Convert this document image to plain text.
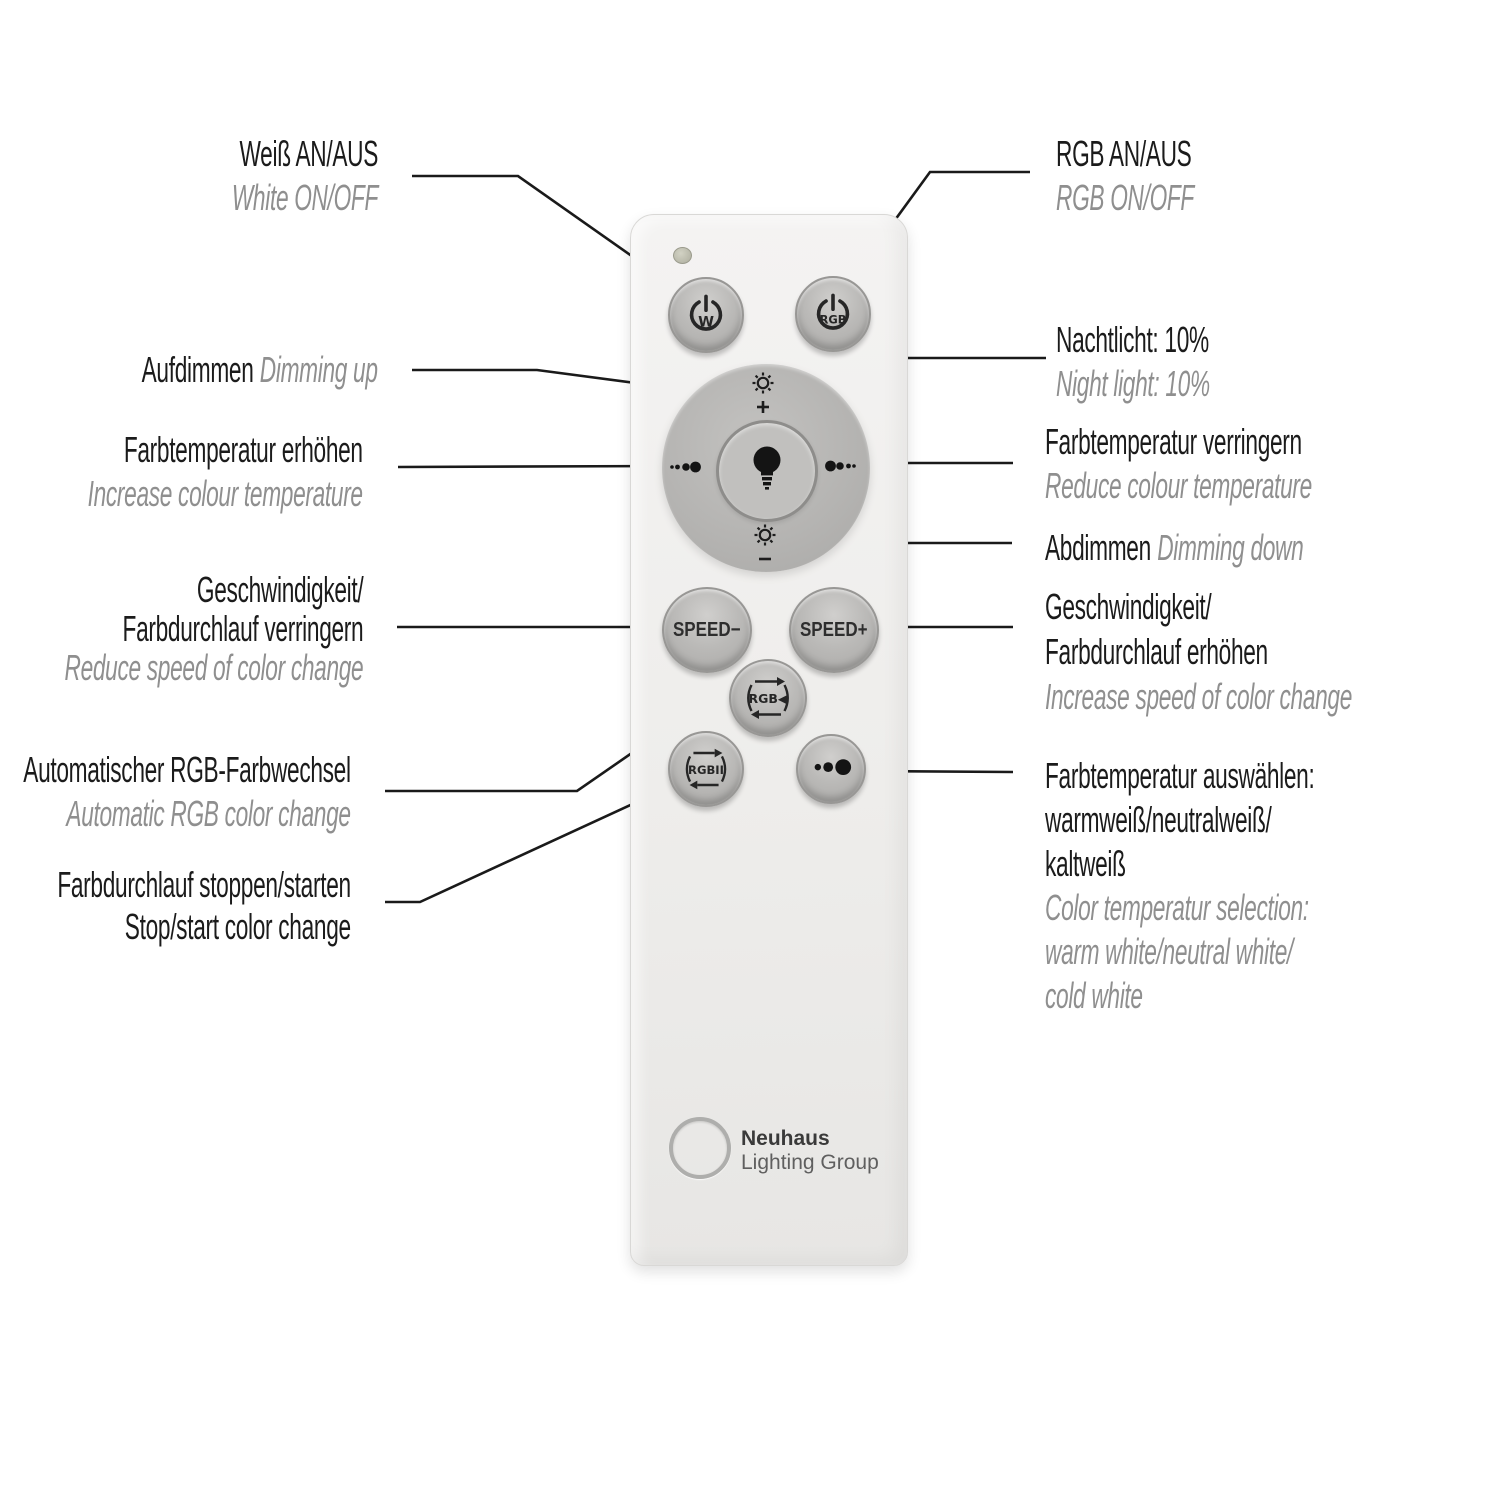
W	RGB
SPEED−	SPEED+
RGB◀
RGBII
Neuhaus
Lighting Group
Weiß AN/AUS
White ON/OFF
Aufdimmen Dimming up
Farbtemperatur erhöhen
Increase colour temperature
Geschwindigkeit/
Farbdurchlauf verringern
Reduce speed of color change
Automatischer RGB-Farbwechsel
Automatic RGB color change
Farbdurchlauf stoppen/starten
Stop/start color change
RGB AN/AUS
RGB ON/OFF
Nachtlicht: 10%
Night light: 10%
Farbtemperatur verringern
Reduce colour temperature
Abdimmen Dimming down
Geschwindigkeit/
Farbdurchlauf erhöhen
Increase speed of color change
Farbtemperatur auswählen:
warmweiß/neutralweiß/
kaltweiß
Color temperatur selection:
warm white/neutral white/
cold white
